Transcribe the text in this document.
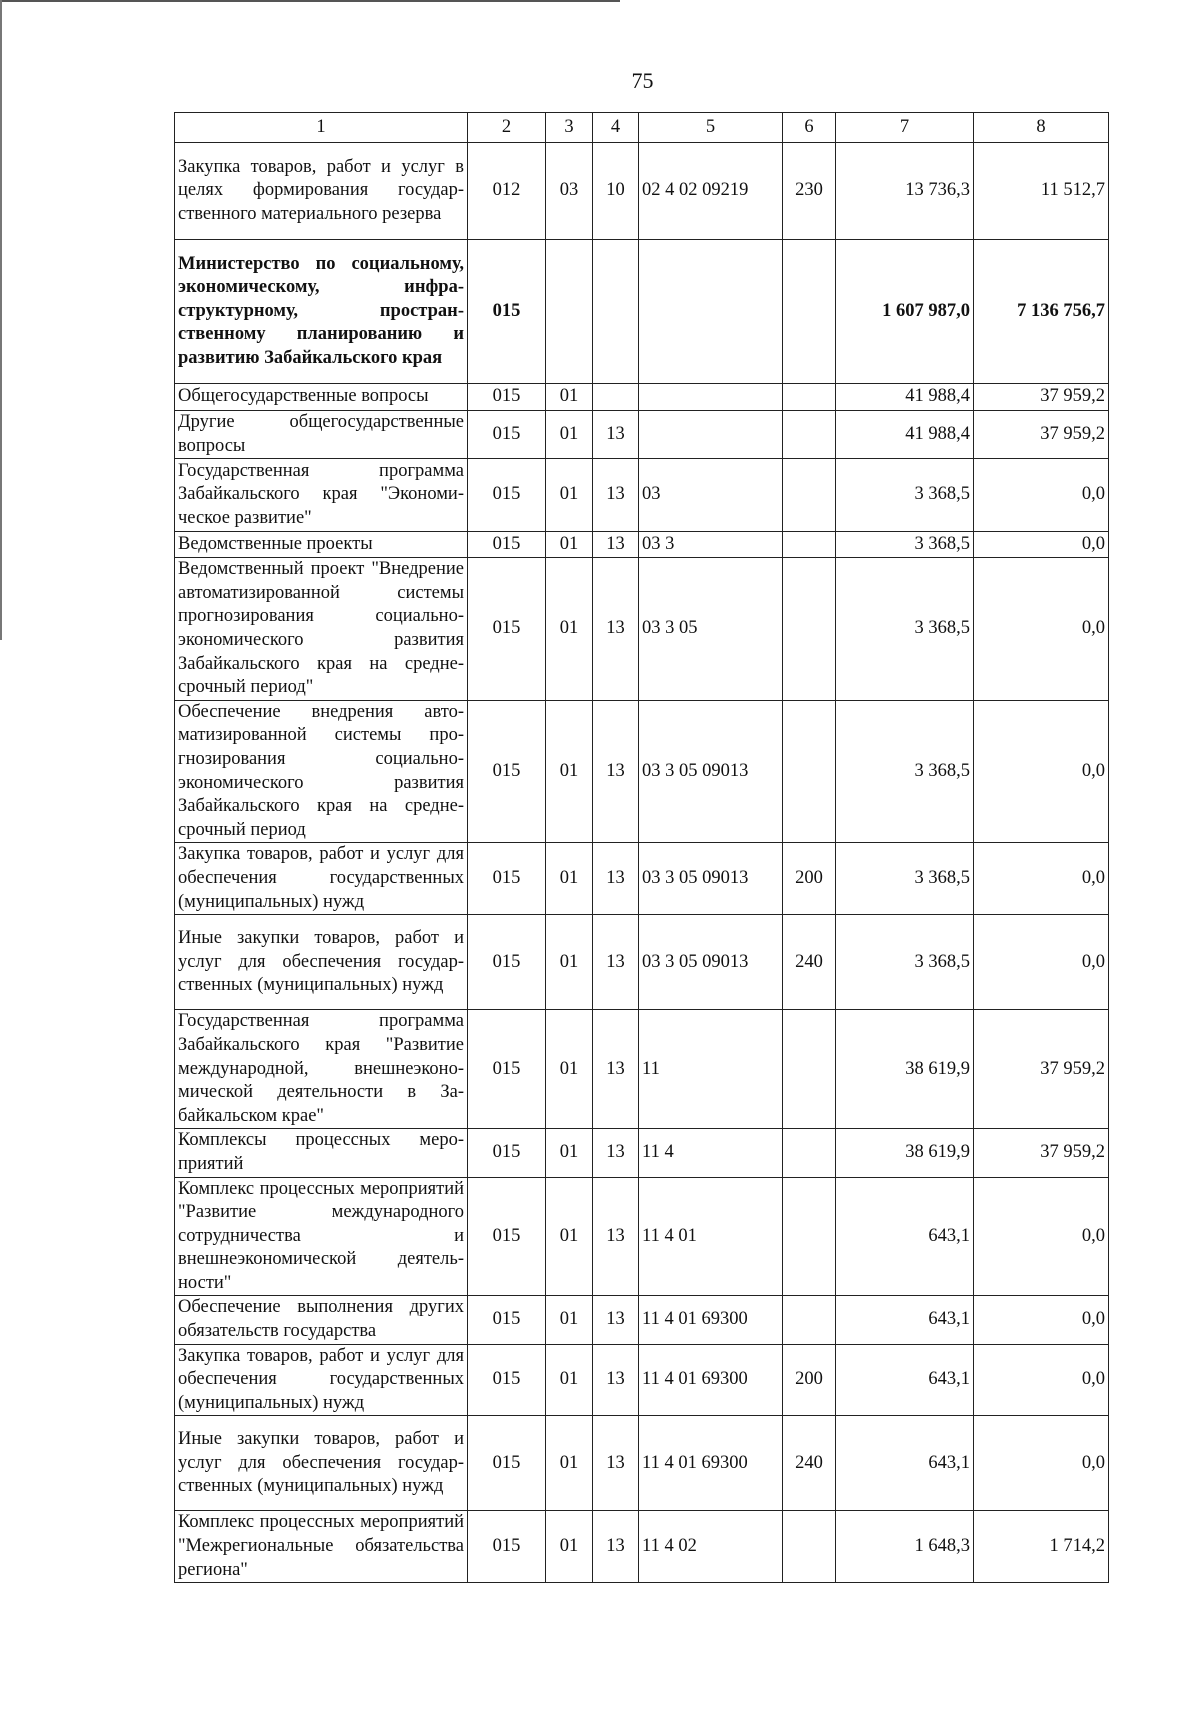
75
1	2	3	4	5	6	7	8
Закупка товаров, работ и услуг в целях формирования государственного материального резерва	012	03	10	02 4 02 09219	230	13 736,3	11 512,7
Министерство по социальному, экономическому, инфраструктурному, пространственному планированию и развитию Забайкальского края	015					1 607 987,0	7 136 756,7
Общегосударственные вопросы	015	01				41 988,4	37 959,2
Другие общегосударственные вопросы	015	01	13			41 988,4	37 959,2
Государственная программа Забайкальского края "Экономическое развитие"	015	01	13	03		3 368,5	0,0
Ведомственные проекты	015	01	13	03 3		3 368,5	0,0
Ведомственный проект "Внедрение автоматизированной системы прогнозирования социально-экономического развития Забайкальского края на среднесрочный период"	015	01	13	03 3 05		3 368,5	0,0
Обеспечение внедрения автоматизированной системы прогнозирования социально-экономического развития Забайкальского края на среднесрочный период	015	01	13	03 3 05 09013		3 368,5	0,0
Закупка товаров, работ и услуг для обеспечения государственных (муниципальных) нужд	015	01	13	03 3 05 09013	200	3 368,5	0,0
Иные закупки товаров, работ и услуг для обеспечения государственных (муниципальных) нужд	015	01	13	03 3 05 09013	240	3 368,5	0,0
Государственная программа Забайкальского края "Развитие международной, внешнеэкономической деятельности в Забайкальском крае"	015	01	13	11		38 619,9	37 959,2
Комплексы процессных мероприятий	015	01	13	11 4		38 619,9	37 959,2
Комплекс процессных мероприятий "Развитие международного сотрудничества и внешнеэкономической деятельности"	015	01	13	11 4 01		643,1	0,0
Обеспечение выполнения других обязательств государства	015	01	13	11 4 01 69300		643,1	0,0
Закупка товаров, работ и услуг для обеспечения государственных (муниципальных) нужд	015	01	13	11 4 01 69300	200	643,1	0,0
Иные закупки товаров, работ и услуг для обеспечения государственных (муниципальных) нужд	015	01	13	11 4 01 69300	240	643,1	0,0
Комплекс процессных мероприятий "Межрегиональные обязательства региона"	015	01	13	11 4 02		1 648,3	1 714,2
